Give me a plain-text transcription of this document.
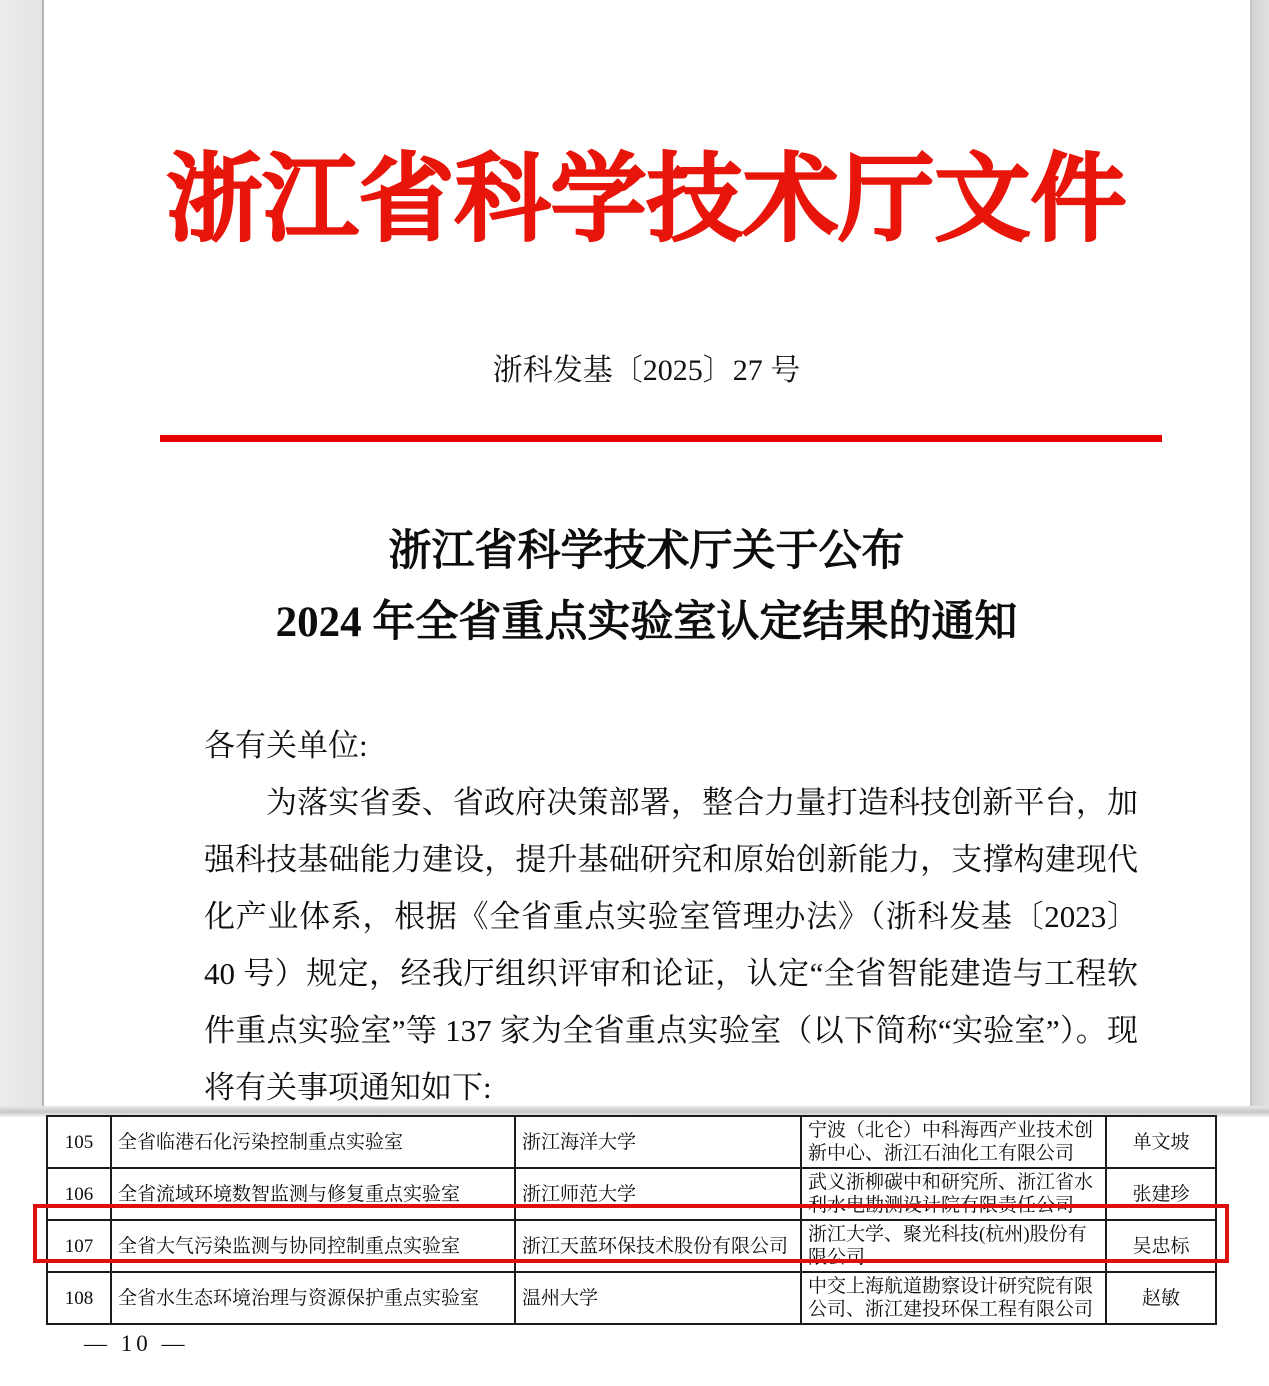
浙江省科学技术厅文件
浙科发基〔2025〕27 号
浙江省科学技术厅关于公布
2024 年全省重点实验室认定结果的通知
各有关单位:
为落实省委、省政府决策部署，整合力量打造科技创新平台，加强科技基础能力建设，提升基础研究和原始创新能力，支撑构建现代化产业体系，根据《全省重点实验室管理办法》（浙科发基〔2023〕40 号）规定，经我厅组织评审和论证，认定“全省智能建造与工程软件重点实验室”等 137 家为全省重点实验室（以下简称“实验室”）。现将有关事项通知如下:
105	全省临港石化污染控制重点实验室	浙江海洋大学	宁波（北仑）中科海西产业技术创新中心、浙江石油化工有限公司	单文坡
106	全省流域环境数智监测与修复重点实验室	浙江师范大学	武义浙柳碳中和研究所、浙江省水利水电勘测设计院有限责任公司	张建珍
107	全省大气污染监测与协同控制重点实验室	浙江天蓝环保技术股份有限公司	浙江大学、聚光科技(杭州)股份有限公司	吴忠标
108	全省水生态环境治理与资源保护重点实验室	温州大学	中交上海航道勘察设计研究院有限公司、浙江建投环保工程有限公司	赵敏
— 10 —
